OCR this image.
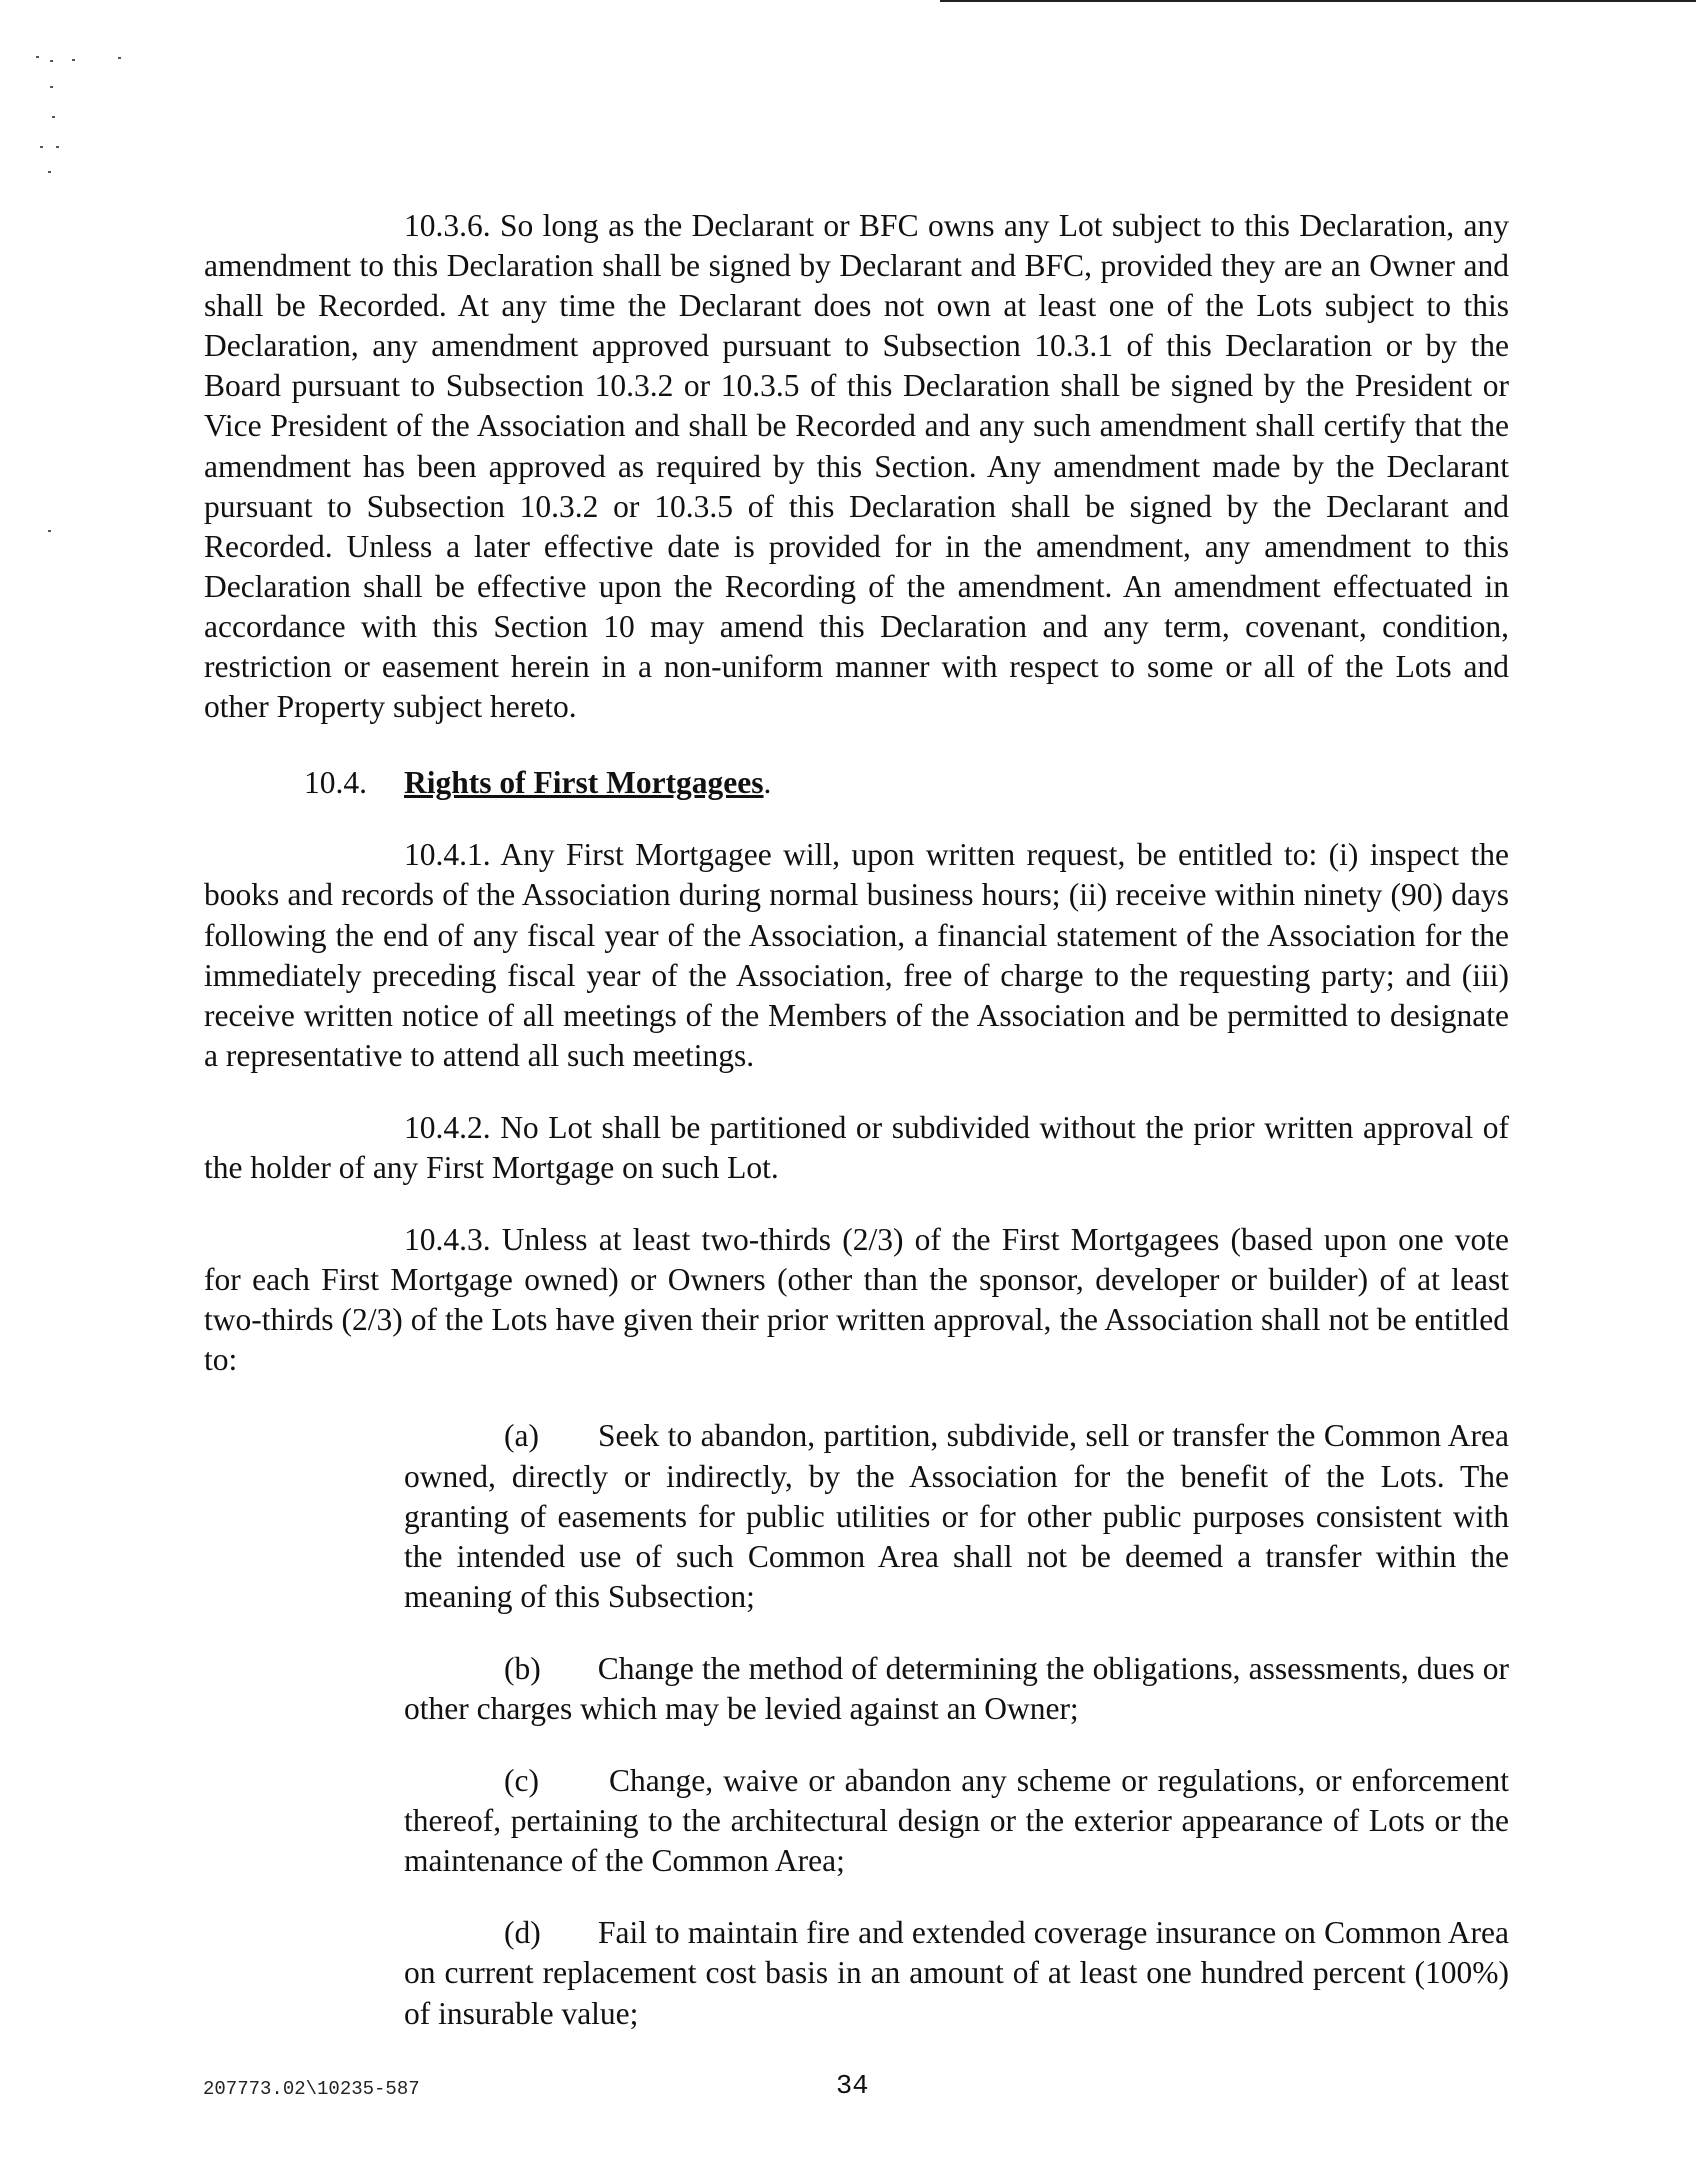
10.3.6. So long as the Declarant or BFC owns any Lot subject to this Declaration, any amendment to this Declaration shall be signed by Declarant and BFC, provided they are an Owner and shall be Recorded. At any time the Declarant does not own at least one of the Lots subject to this Declaration, any amendment approved pursuant to Subsection 10.3.1 of this Declaration or by the Board pursuant to Subsection 10.3.2 or 10.3.5 of this Declaration shall be signed by the President or Vice President of the Association and shall be Recorded and any such amendment shall certify that the amendment has been approved as required by this Section. Any amendment made by the Declarant pursuant to Subsection 10.3.2 or 10.3.5 of this Declaration shall be signed by the Declarant and Recorded. Unless a later effective date is provided for in the amendment, any amendment to this Declaration shall be effective upon the Recording of the amendment. An amendment effectuated in accordance with this Section 10 may amend this Declaration and any term, covenant, condition, restriction or easement herein in a non-uniform manner with respect to some or all of the Lots and other Property subject hereto.

10.4. Rights of First Mortgagees.

10.4.1. Any First Mortgagee will, upon written request, be entitled to: (i) inspect the books and records of the Association during normal business hours; (ii) receive within ninety (90) days following the end of any fiscal year of the Association, a financial statement of the Association for the immediately preceding fiscal year of the Association, free of charge to the requesting party; and (iii) receive written notice of all meetings of the Members of the Association and be permitted to designate a representative to attend all such meetings.

10.4.2. No Lot shall be partitioned or subdivided without the prior written approval of the holder of any First Mortgage on such Lot.

10.4.3. Unless at least two-thirds (2/3) of the First Mortgagees (based upon one vote for each First Mortgage owned) or Owners (other than the sponsor, developer or builder) of at least two-thirds (2/3) of the Lots have given their prior written approval, the Association shall not be entitled to:

(a) Seek to abandon, partition, subdivide, sell or transfer the Common Area owned, directly or indirectly, by the Association for the benefit of the Lots. The granting of easements for public utilities or for other public purposes consistent with the intended use of such Common Area shall not be deemed a transfer within the meaning of this Subsection;

(b) Change the method of determining the obligations, assessments, dues or other charges which may be levied against an Owner;

(c) Change, waive or abandon any scheme or regulations, or enforcement thereof, pertaining to the architectural design or the exterior appearance of Lots or the maintenance of the Common Area;

(d) Fail to maintain fire and extended coverage insurance on Common Area on current replacement cost basis in an amount of at least one hundred percent (100%) of insurable value;

207773.02\10235-587	34
